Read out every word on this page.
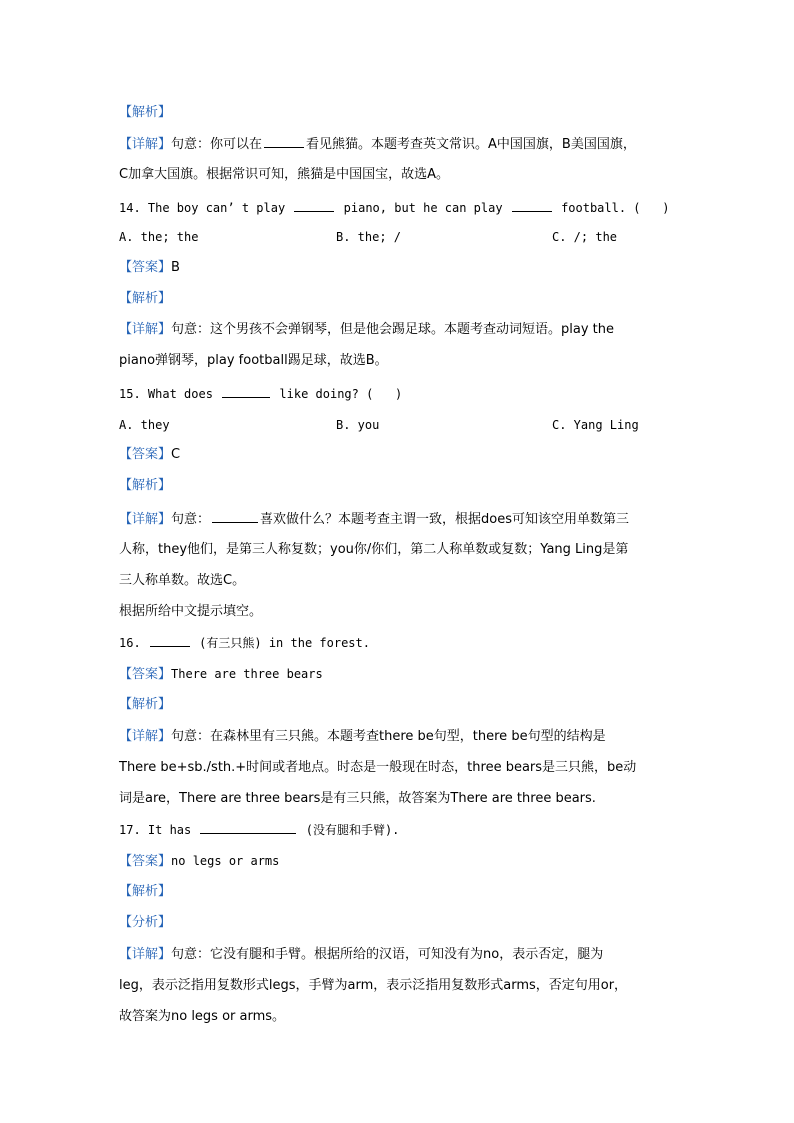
【解析】
【详解】句意：你可以在	看见熊猫。本题考查英文常识。A中国国旗，B美国国旗，
C加拿大国旗。根据常识可知，熊猫是中国国宝，故选A。
14. The boy can’ t play	piano, but he can play	football. (   )
A. the; the	B. the; /	C. /; the
【答案】B
【解析】
【详解】句意：这个男孩不会弹钢琴，但是他会踢足球。本题考查动词短语。play the
piano弹钢琴，play football踢足球，故选B。
15. What does	like doing? (   )
A. they	B. you	C. Yang Ling
【答案】C
【解析】
【详解】句意：	喜欢做什么？本题考查主谓一致，根据does可知该空用单数第三
人称，they他们，是第三人称复数；you你/你们，第二人称单数或复数；Yang Ling是第
三人称单数。故选C。
根据所给中文提示填空。
16.	(有三只熊) in the forest.
【答案】There are three bears
【解析】
【详解】句意：在森林里有三只熊。本题考查there be句型，there be句型的结构是
There be+sb./sth.+时间或者地点。时态是一般现在时态，three bears是三只熊，be动
词是are，There are three bears是有三只熊，故答案为There are three bears.
17. It has	(没有腿和手臂).
【答案】no legs or arms
【解析】
【分析】
【详解】句意：它没有腿和手臂。根据所给的汉语，可知没有为no，表示否定，腿为
leg，表示泛指用复数形式legs，手臂为arm，表示泛指用复数形式arms，否定句用or，
故答案为no legs or arms。
